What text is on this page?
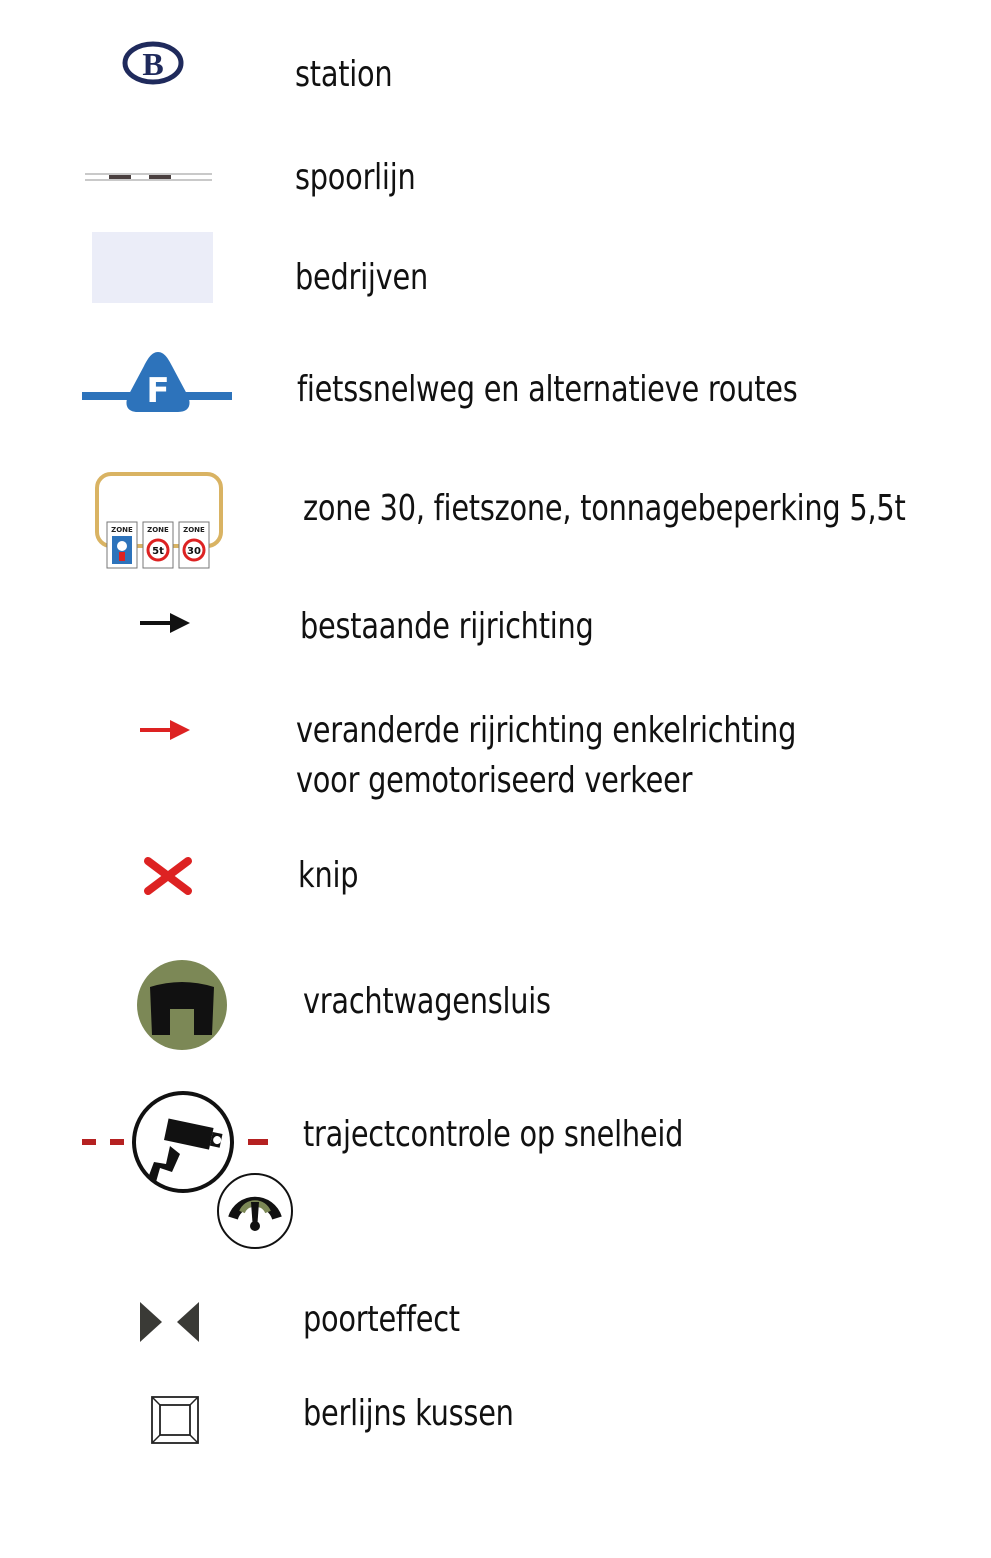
B	station
spoorlijn
bedrijven
F	fietssnelweg en alternatieve routes
ZONE ZONE
5t
ZONE
30
zone 30, fietszone, tonnagebeperking 5,5t
bestaande rijrichting
veranderde rijrichting enkelrichting
voor gemotoriseerd verkeer
knip
vrachtwagensluis
trajectcontrole op snelheid
poorteffect
berlijns kussen
